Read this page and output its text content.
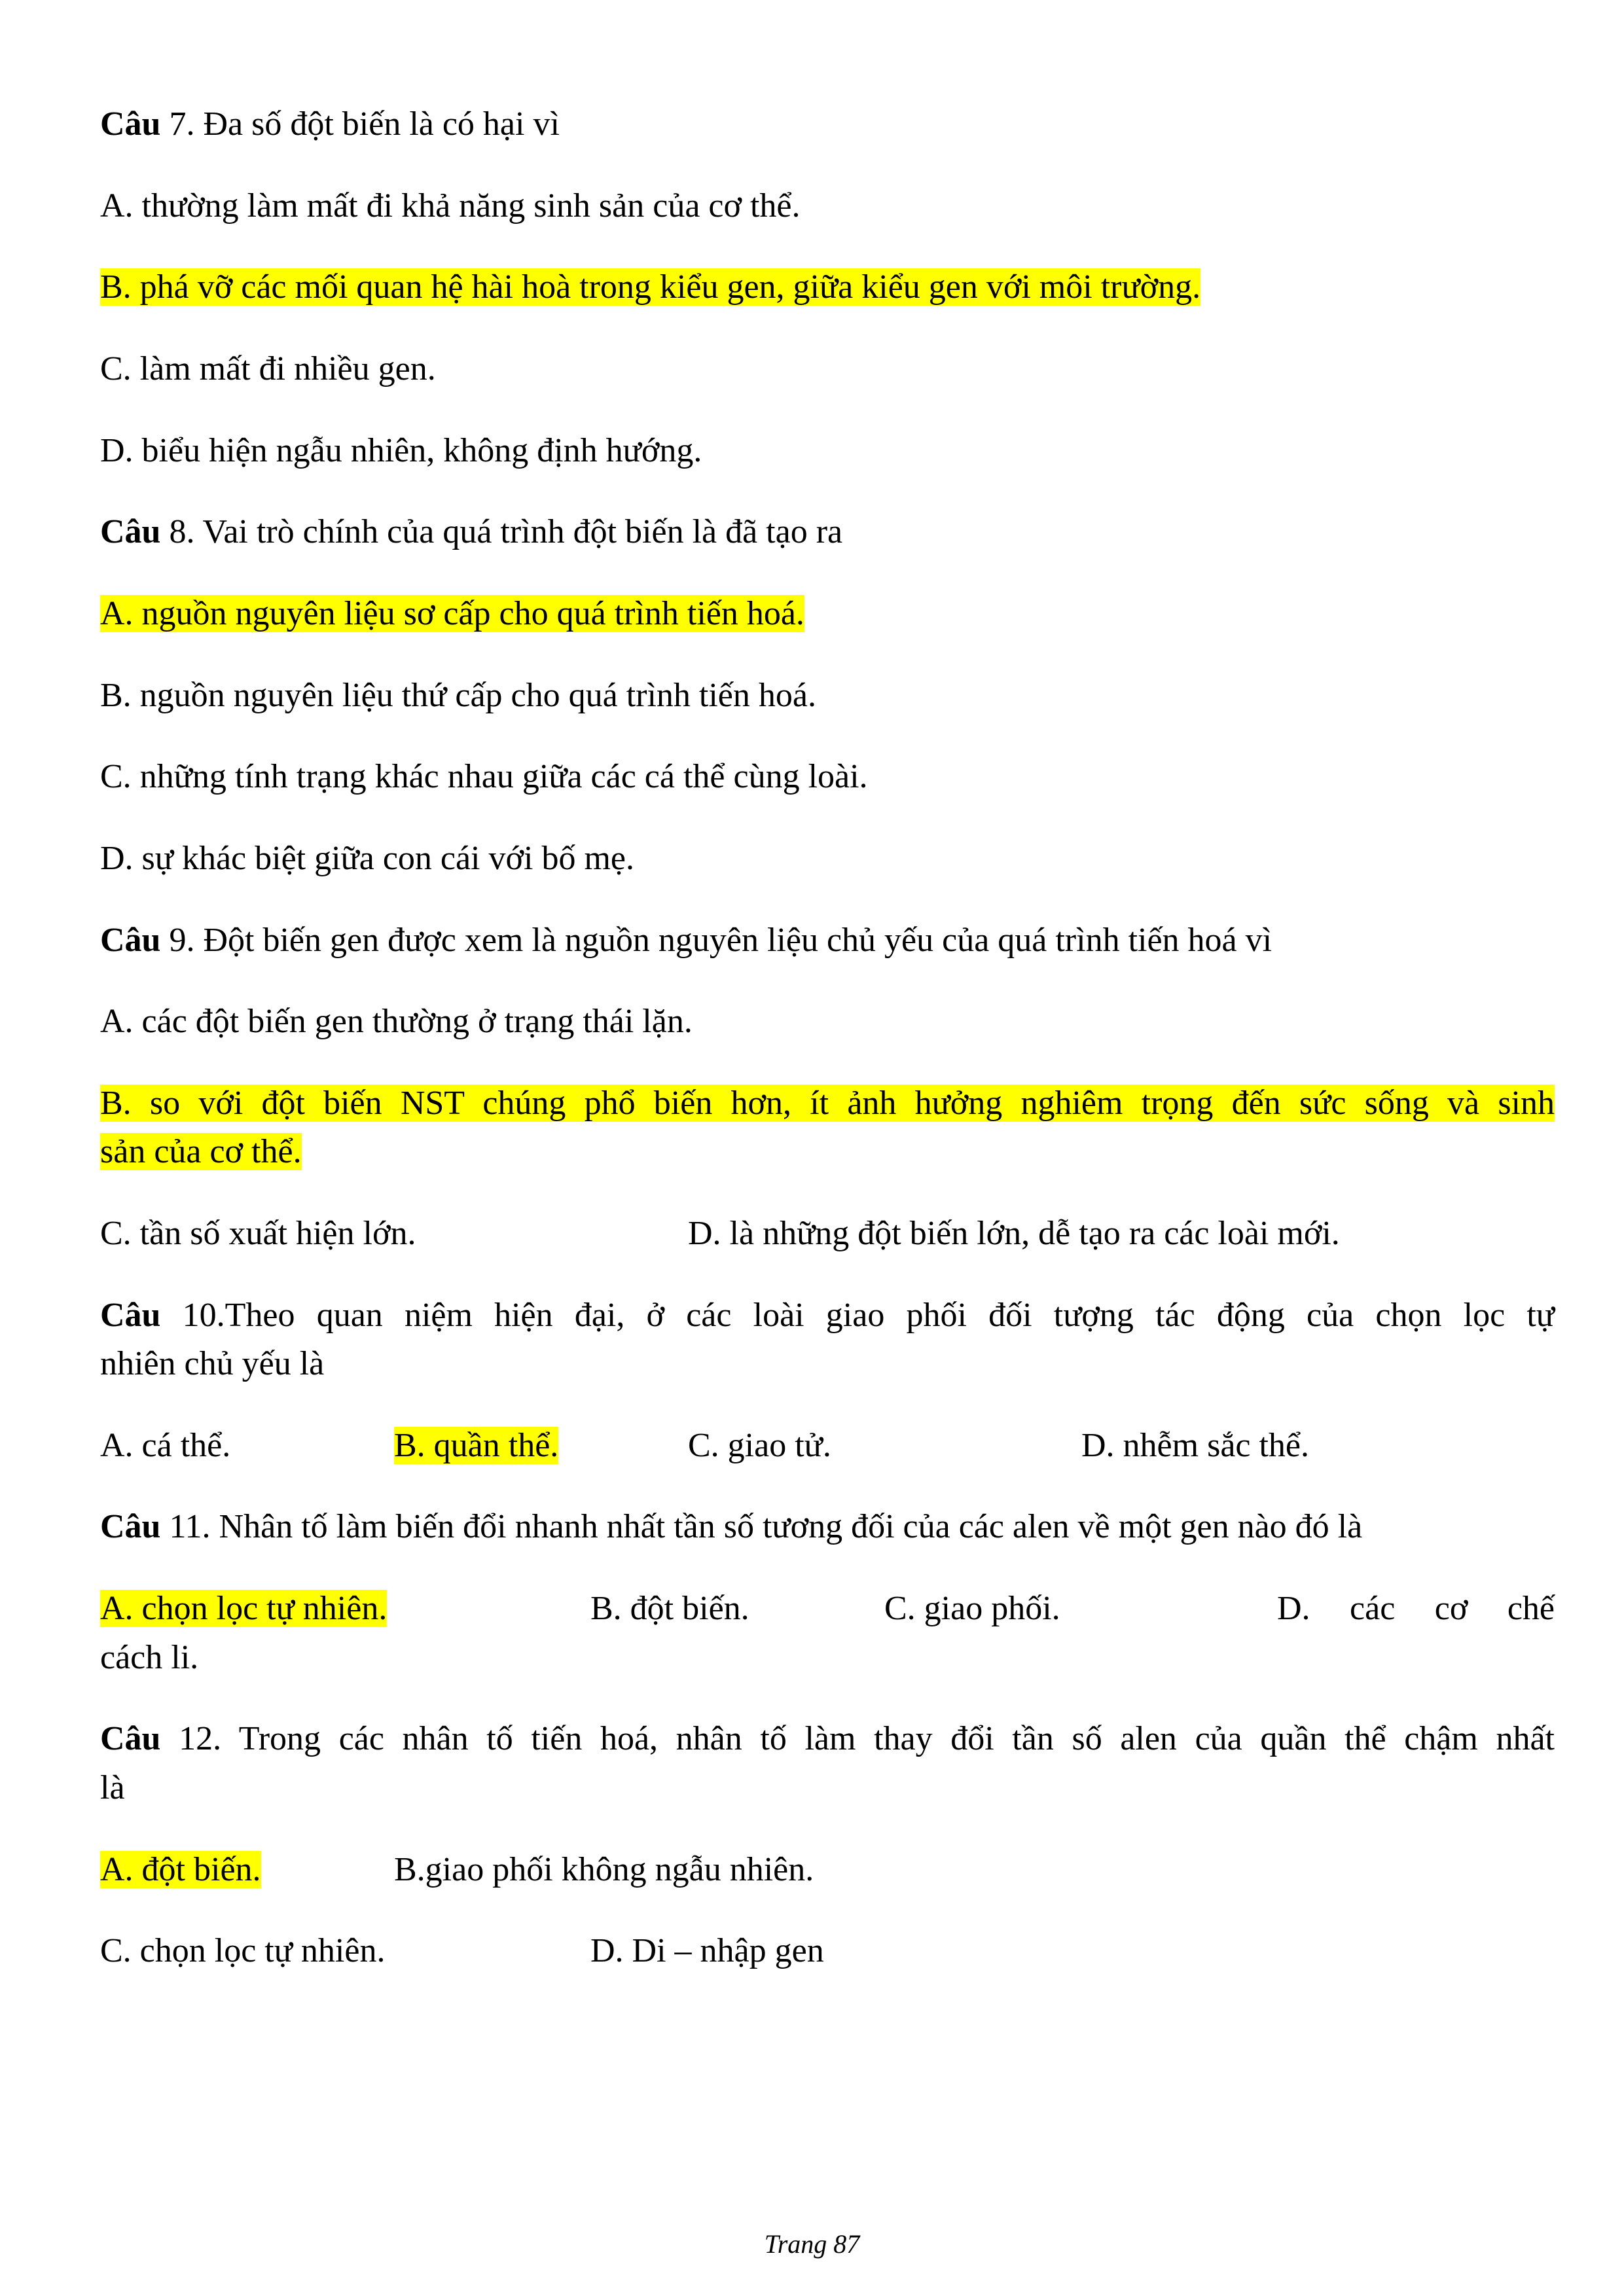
Câu 7. Đa số đột biến là có hại vì
A. thường làm mất đi khả năng sinh sản của cơ thể.
B. phá vỡ các mối quan hệ hài hoà trong kiểu gen, giữa kiểu gen với môi trường.
C. làm mất đi nhiều gen.
D. biểu hiện ngẫu nhiên, không định hướng.
Câu 8. Vai trò chính của quá trình đột biến là đã tạo ra
A. nguồn nguyên liệu sơ cấp cho quá trình tiến hoá.
B. nguồn nguyên liệu thứ cấp cho quá trình tiến hoá.
C. những tính trạng khác nhau giữa các cá thể cùng loài.
D. sự khác biệt giữa con cái với bố mẹ.
Câu 9. Đột biến gen được xem là nguồn nguyên liệu chủ yếu của quá trình tiến hoá vì
A. các đột biến gen thường ở trạng thái lặn.
B. so với đột biến NST chúng phổ biến hơn, ít ảnh hưởng nghiêm trọng đến sức sống và sinh
sản của cơ thể.
C. tần số xuất hiện lớn.	D. là những đột biến lớn, dễ tạo ra các loài mới.
Câu 10.Theo quan niệm hiện đại, ở các loài giao phối đối tượng tác động của chọn lọc tự
nhiên chủ yếu là
A. cá thể.	B. quần thể.	C. giao tử.	D. nhễm sắc thể.
Câu 11. Nhân tố làm biến đổi nhanh nhất tần số tương đối của các alen về một gen nào đó là
A. chọn lọc tự nhiên.	B. đột biến.	C. giao phối.	D. các cơ chế
cách li.
Câu 12. Trong các nhân tố tiến hoá, nhân tố làm thay đổi tần số alen của quần thể chậm nhất
là
A. đột biến.	B.giao phối không ngẫu nhiên.
C. chọn lọc tự nhiên.	D. Di – nhập gen
Trang 87
